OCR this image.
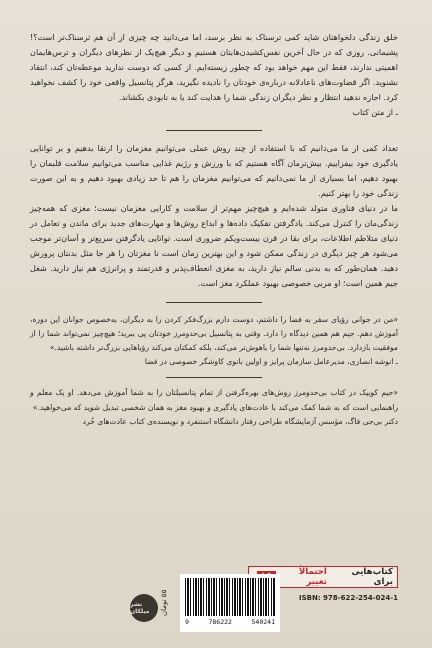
خلق زندگی دلخواهتان شاید کمی ترسناک به نظر برسد، اما می‌دانید چه چیزی از آن هم ترسناک‌تر است؟! پشیمانی. روزی که در حال آخرین نفس‌کشیدن‌هایتان هستیم و دیگر هیچ‌یک از نظرهای دیگران و ترس‌هایمان اهمیتی ندارند، فقط این مهم خواهد بود که چطور زیسته‌ایم. از کسی که دوست ندارید موعظه‌تان کند، انتقاد نشنوید. اگر قضاوت‌های ناعادلانه درباره‌ی خودتان را نادیده نگیرید، هرگز پتانسیل واقعی خود را کشف نخواهید کرد. اجازه ندهید انتظار و نظر دیگران زندگی شما را هدایت کند یا به نابودی بکشاند.

ـ از متن کتاب

تعداد کمی از ما می‌دانیم که با استفاده از چند روش عملی می‌توانیم مغزمان را ارتقا بدهیم و بر توانایی یادگیری خود بیفزاییم. بیش‌ترمان آگاه هستیم که با ورزش و رژیم غذایی مناسب می‌توانیم سلامت قلبمان را بهبود دهیم، اما بسیاری از ما نمی‌دانیم که می‌توانیم مغزمان را هم تا حد زیادی بهبود دهیم و به این صورت زندگی خود را بهتر کنیم.

ما در دنیای فناوری متولد شده‌ایم و هیچ‌چیز مهم‌تر از سلامت و کارایی مغزمان نیست؛ مغزی که همه‌چیز زندگی‌مان را کنترل می‌کند. یادگرفتن تفکیک داده‌ها و ابداع روش‌ها و مهارت‌های جدید برای ماندن و تعامل در دنیای متلاطم اطلاعات، برای بقا در قرن بیست‌ویکم ضروری است. توانایی یادگرفتن سریع‌تر و آسان‌تر موجب می‌شود هر چیز دیگری در زندگی ممکن شود و این بهترین زمان است تا مغزتان را هر جا مثل بدنتان پرورش دهید. همان‌طور که به بدنی سالم نیاز دارید، به مغزی انعطاف‌پذیر و قدرتمند و پرانرژی هم نیاز دارید. شغل جیم همین است؛ او مربی خصوصی بهبود عملکرد مغز است.

«من در جوانی رؤیای سفر به فضا را داشتم، دوست دارم بزرگ‌فکر کردن را به دیگران، به‌خصوص جوانان این دوره، آموزش دهم. جیم هم همین دیدگاه را دارد. وقتی به پتانسیل بی‌حدومرز خودتان پی ببرید؛ هیچ‌چیز نمی‌تواند شما را از موفقیت بازدارد. بی‌حدومرز نه‌تنها شما را باهوش‌تر می‌کند، بلکه کمکتان می‌کند رؤیاهایی بزرگ‌تر داشته باشید.»

ـ انوشه انصاری، مدیرعامل سازمان پرایز و اولین بانوی کاوشگر خصوصی در فضا

«جیم کوییک در کتاب بی‌حدومرز روش‌های بهره‌گرفتن از تمام پتانسیلتان را به شما آموزش می‌دهد. او یک معلم و راهنمایی است که به شما کمک می‌کند با عادت‌های یادگیری و بهبود مغز به همان شخصی تبدیل شوید که می‌خواهید.»

دکتر بی‌جی فاگ، مؤسس آزمایشگاه طراحی رفتار دانشگاه استنفرد و نویسنده‌ی کتاب عادت‌های خُرد

کتاب‌هایی برای
احتمالاً تغییر
ISBN: 978-622-254-024-1
9	786222	540241
۵۵ تومان
نشر میلکان
